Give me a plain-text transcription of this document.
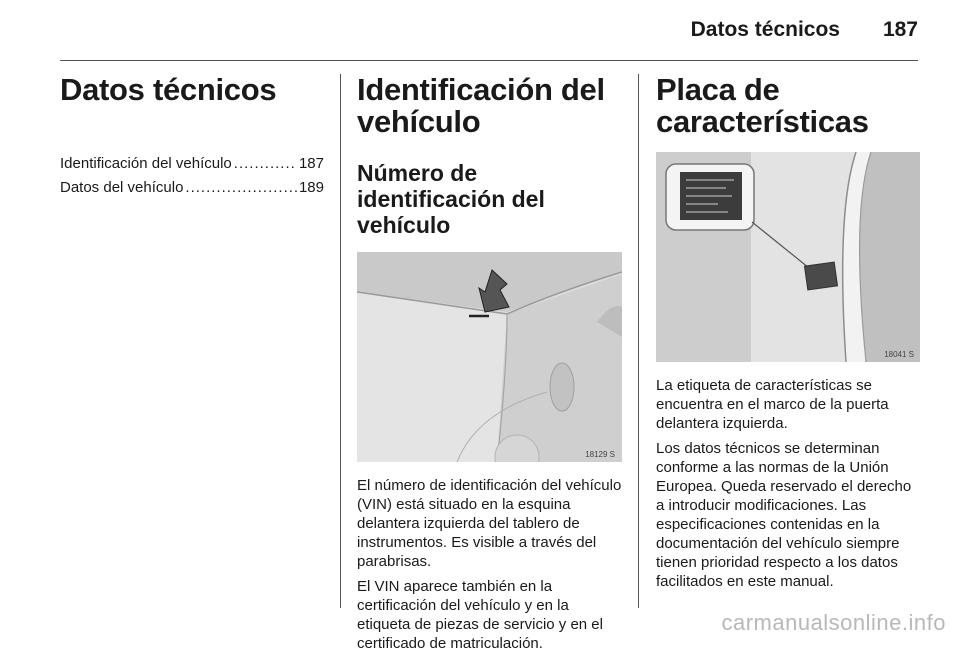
Datos técnicos 187
Datos técnicos
Identificación del vehículo .....	187
Datos del vehículo .....	189
Identificación del vehículo
Número de identificación del vehículo
18129 S

El número de identificación del vehículo (VIN) está situado en la esquina delantera izquierda del tablero de instrumentos. Es visible a través del parabrisas.

El VIN aparece también en la certificación del vehículo y en la etiqueta de piezas de servicio y en el certificado de matriculación.

Placa de características
18041 S

La etiqueta de características se encuentra en el marco de la puerta delantera izquierda.

Los datos técnicos se determinan conforme a las normas de la Unión Europea. Queda reservado el derecho a introducir modificaciones. Las especificaciones contenidas en la documentación del vehículo siempre tienen prioridad respecto a los datos facilitados en este manual.

carmanualsonline.info
